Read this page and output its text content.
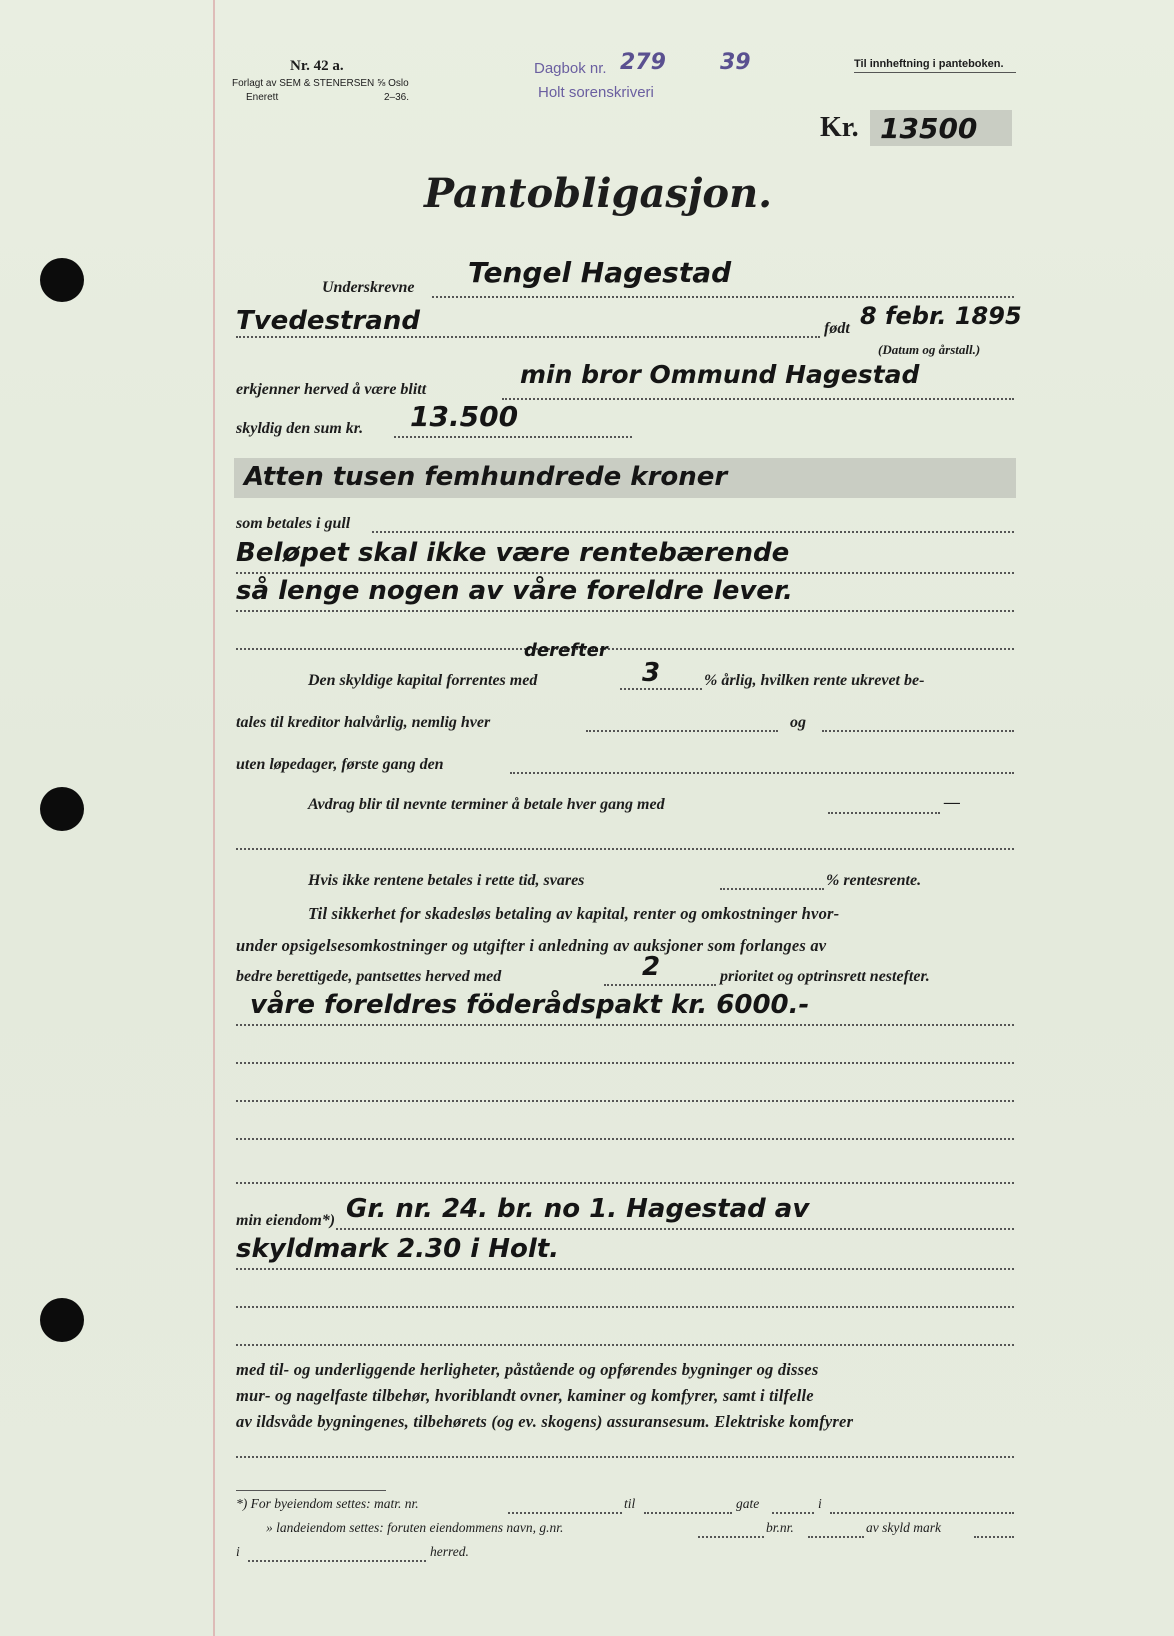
Nr. 42 a.
Forlagt av SEM & STENERSEN ⅝ Oslo
Enerett	2–36.
Dagbok nr. 279 39
Holt sorenskriveri
Til innheftning i panteboken.
Kr. 13500
Pantobligasjon.
Underskrevne Tengel Hagestad
Tvedestrand	født 8 febr. 1895
(Datum og årstall.)
erkjenner herved å være blitt
min bror Ommund Hagestad
skyldig den sum kr. 13.500
Atten tusen femhundrede kroner
som betales i gull
Beløpet skal ikke være rentebærende
så lenge nogen av våre foreldre lever.
derefter
Den skyldige kapital forrentes med	3	% årlig, hvilken rente ukrevet be-
tales til kreditor halvårlig, nemlig hver	og
uten løpedager, første gang den
Avdrag blir til nevnte terminer å betale hver gang med	—
Hvis ikke rentene betales i rette tid, svares	% rentesrente.
Til sikkerhet for skadesløs betaling av kapital, renter og omkostninger hvor-
under opsigelsesomkostninger og utgifter i anledning av auksjoner som forlanges av
bedre berettigede, pantsettes herved med	2	prioritet og optrinsrett nestefter.
våre foreldres föderådspakt kr. 6000.-
min eiendom*) Gr. nr. 24. br. no 1. Hagestad av
skyldmark 2.30 i Holt.
med til- og underliggende herligheter, påstående og opførendes bygninger og disses
mur- og nagelfaste tilbehør, hvoriblandt ovner, kaminer og komfyrer, samt i tilfelle
av ildsvåde bygningenes, tilbehørets (og ev. skogens) assuransesum. Elektriske komfyrer
*) For byeiendom settes: matr. nr.	til	gate	i
» landeiendom settes: foruten eiendommens navn, g.nr.	br.nr.	av skyld mark
i	herred.
